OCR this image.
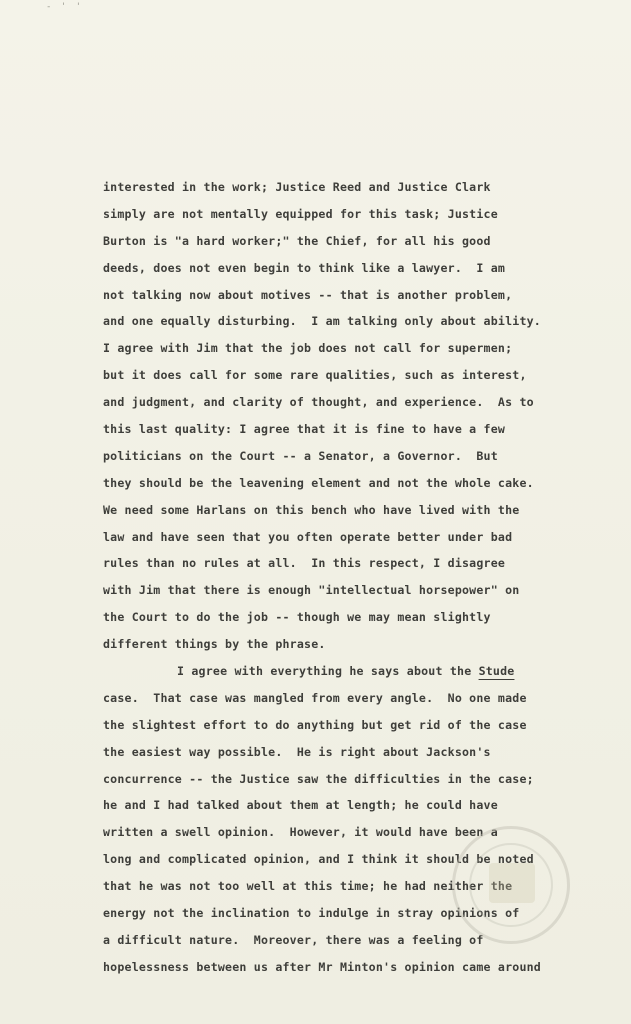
- ' '
interested in the work; Justice Reed and Justice Clark
simply are not mentally equipped for this task; Justice
Burton is "a hard worker;" the Chief, for all his good
deeds, does not even begin to think like a lawyer.  I am
not talking now about motives -- that is another problem,
and one equally disturbing.  I am talking only about ability.
I agree with Jim that the job does not call for supermen;
but it does call for some rare qualities, such as interest,
and judgment, and clarity of thought, and experience.  As to
this last quality: I agree that it is fine to have a few
politicians on the Court -- a Senator, a Governor.  But
they should be the leavening element and not the whole cake.
We need some Harlans on this bench who have lived with the
law and have seen that you often operate better under bad
rules than no rules at all.  In this respect, I disagree
with Jim that there is enough "intellectual horsepower" on
the Court to do the job -- though we may mean slightly
different things by the phrase.
I agree with everything he says about the Stude
case.  That case was mangled from every angle.  No one made
the slightest effort to do anything but get rid of the case
the easiest way possible.  He is right about Jackson's
concurrence -- the Justice saw the difficulties in the case;
he and I had talked about them at length; he could have
written a swell opinion.  However, it would have been a
long and complicated opinion, and I think it should be noted
that he was not too well at this time; he had neither the
energy not the inclination to indulge in stray opinions of
a difficult nature.  Moreover, there was a feeling of
hopelessness between us after Mr Minton's opinion came around
